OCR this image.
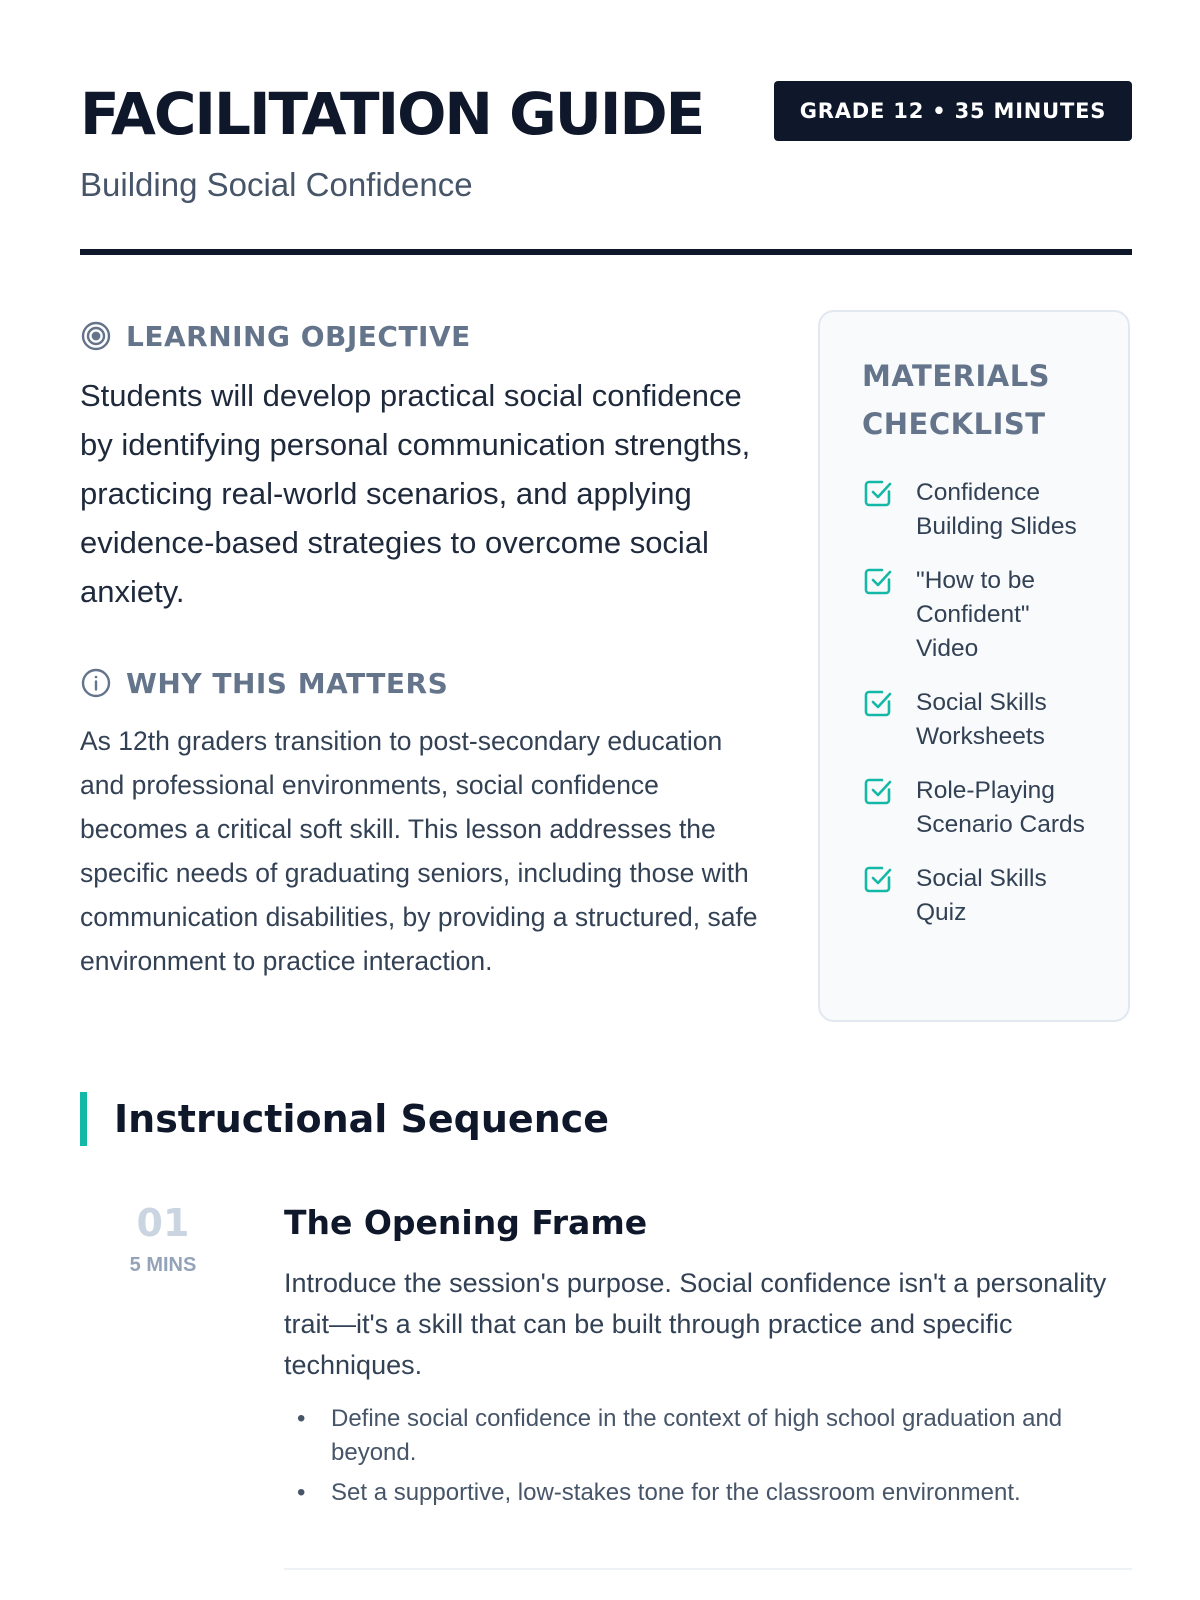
FACILITATION GUIDE	GRADE 12 • 35 MINUTES

Building Social Confidence

LEARNING OBJECTIVE

Students will develop practical social confidence by identifying personal communication strengths, practicing real-world scenarios, and applying evidence-based strategies to overcome social anxiety.

WHY THIS MATTERS

As 12th graders transition to post-secondary education and professional environments, social confidence becomes a critical soft skill. This lesson addresses the specific needs of graduating seniors, including those with communication disabilities, by providing a structured, safe environment to practice interaction.

MATERIALS CHECKLIST
Confidence Building Slides
"How to be Confident" Video
Social Skills Worksheets
Role-Playing Scenario Cards
Social Skills Quiz
Instructional Sequence
01
5 MINS
The Opening Frame

Introduce the session's purpose. Social confidence isn't a personality trait—it's a skill that can be built through practice and specific techniques.

• Define social confidence in the context of high school graduation and beyond.
• Set a supportive, low-stakes tone for the classroom environment.
